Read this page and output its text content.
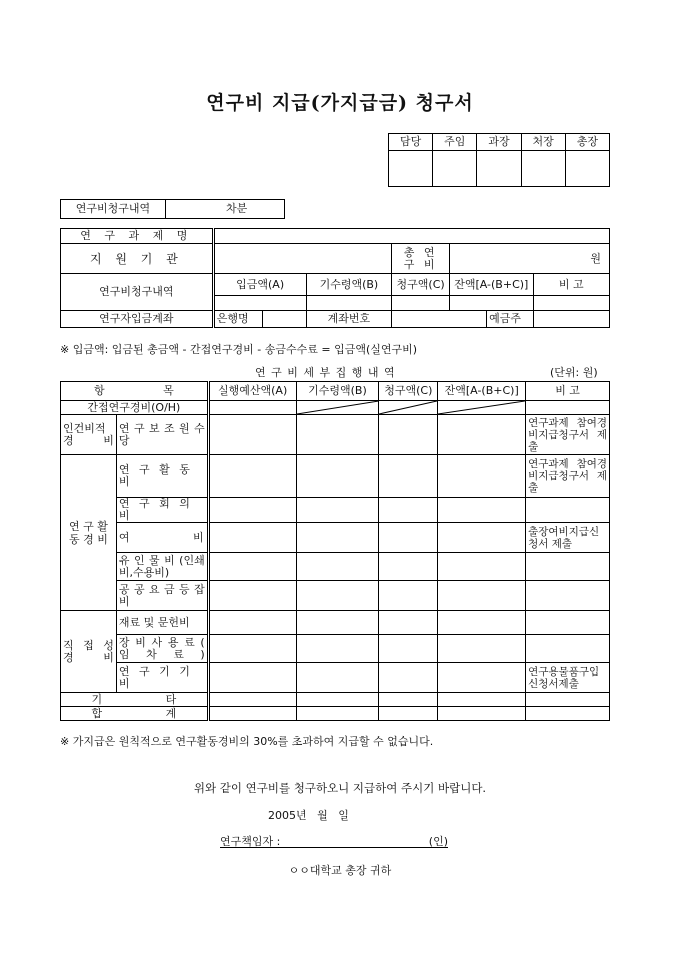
연구비 지급(가지급금) 청구서
담당	주임	과장	처장	총장

연구비청구내역	차분
연 구 과 제 명							
지 원 기 관				총 연 구 비	원		
연구비청구내역	입금액(A)		기수령액(B)	청구액(C)	잔액[A-(B+C)]		비 고

연구자입금계좌	은행명		계좌번호			예금주	
※ 입금액: 입금된 총금액 - 간접연구경비 - 송금수수료 = 입금액(실연구비)
연 구 비 세 부 집 행 내 역	(단위: 원)
항 목		실행예산액(A)	기수령액(B)	청구액(C)	잔액[A-(B+C)]	비 고
간접연구경비(O/H)		

인건비적 경 비	연 구 보 조 원 수 당					연구과제 참여경비지급청구서 제출
연 구 활 동 경 비	연 구 활 동 비					연구과제 참여경비지급청구서 제출
	연 구 회 의 비					
	여 비					출장여비지급신청서 제출
	유 인 물 비 (인쇄비,수용비)					
	공 공 요 금 등 잡 비					
직 접 성 경 비	재료 및 문헌비					
	장 비 사 용 료 ( 임 차 료 )					
	연 구 기 기 비					연구용물품구입신청서제출
기 타						
합 계						
※ 가지급은 원칙적으로 연구활동경비의 30%를 초과하여 지급할 수 없습니다.
위와 같이 연구비를 청구하오니 지급하여 주시기 바랍니다.
2005년   월   일
연구책임자 :	(인)
ㅇㅇ대학교 총장 귀하
